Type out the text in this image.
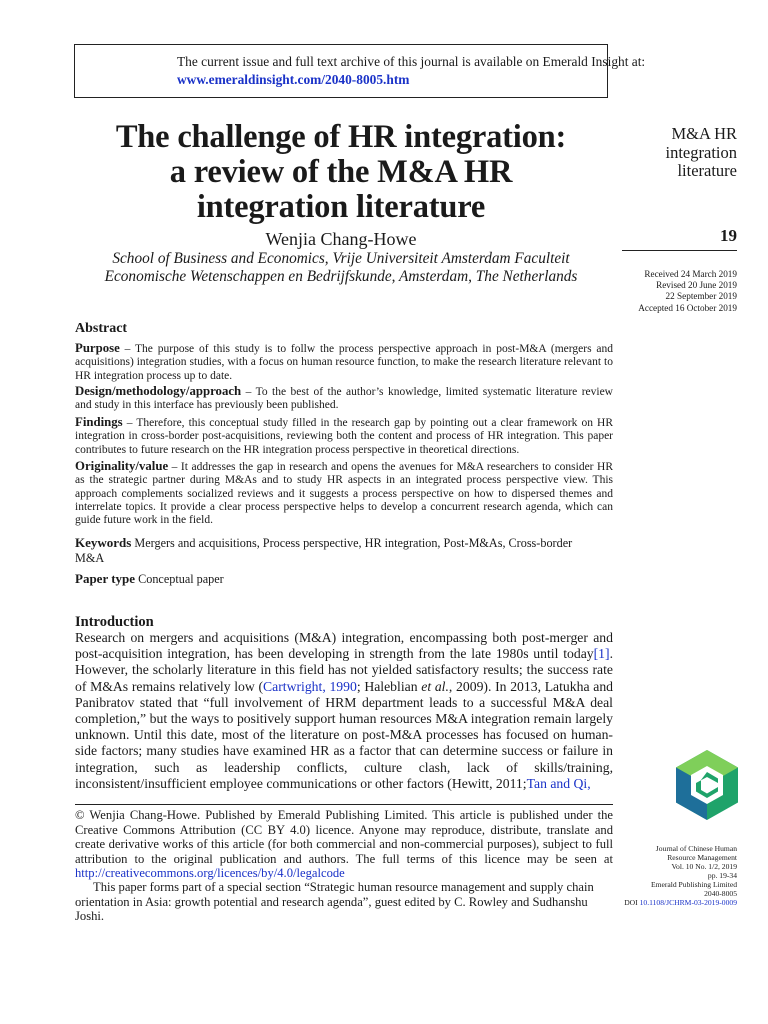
The current issue and full text archive of this journal is available on Emerald Insight at:
www.emeraldinsight.com/2040-8005.htm
The challenge of HR integration:
a review of the M&A HR
integration literature
Wenjia Chang-Howe
School of Business and Economics, Vrije Universiteit Amsterdam Faculteit
Economische Wetenschappen en Bedrijfskunde, Amsterdam, The Netherlands
M&A HR
integration
literature
19
Received 24 March 2019
Revised 20 June 2019
22 September 2019
Accepted 16 October 2019
Abstract
Purpose – The purpose of this study is to follw the process perspective approach in post-M&A (mergers and acquisitions) integration studies, with a focus on human resource function, to make the research literature relevant to HR integration process up to date.
Design/methodology/approach – To the best of the author’s knowledge, limited systematic literature review and study in this interface has previously been published.
Findings – Therefore, this conceptual study filled in the research gap by pointing out a clear framework on HR integration in cross-border post-acquisitions, reviewing both the content and process of HR integration. This paper contributes to future research on the HR integration process perspective in theoretical directions.
Originality/value – It addresses the gap in research and opens the avenues for M&A researchers to consider HR as the strategic partner during M&As and to study HR aspects in an integrated process perspective view. This approach complements socialized reviews and it suggests a process perspective on how to dispersed themes and interrelate topics. It provide a clear process perspective helps to develop a concurrent research agenda, which can guide future work in the field.
Keywords Mergers and acquisitions, Process perspective, HR integration, Post-M&As, Cross-border M&A
Paper type Conceptual paper
Introduction
Research on mergers and acquisitions (M&A) integration, encompassing both post-merger and post-acquisition integration, has been developing in strength from the late 1980s until today[1]. However, the scholarly literature in this field has not yielded satisfactory results; the success rate of M&As remains relatively low (Cartwright, 1990; Haleblian et al., 2009). In 2013, Latukha and Panibratov stated that “full involvement of HRM department leads to a successful M&A deal completion,” but the ways to positively support human resources M&A integration remain largely unknown. Until this date, most of the literature on post-M&A processes has focused on human-side factors; many studies have examined HR as a factor that can determine success or failure in integration, such as leadership conflicts, culture clash, lack of skills/training, inconsistent/insufficient employee communications or other factors (Hewitt, 2011;Tan and Qi,
© Wenjia Chang-Howe. Published by Emerald Publishing Limited. This article is published under the Creative Commons Attribution (CC BY 4.0) licence. Anyone may reproduce, distribute, translate and create derivative works of this article (for both commercial and non-commercial purposes), subject to full attribution to the original publication and authors. The full terms of this licence may be seen at http://creativecommons.org/licences/by/4.0/legalcode
This paper forms part of a special section “Strategic human resource management and supply chain orientation in Asia: growth potential and research agenda”, guest edited by C. Rowley and Sudhanshu Joshi.
Journal of Chinese Human
Resource Management
Vol. 10 No. 1/2, 2019
pp. 19-34
Emerald Publishing Limited
2040-8005
DOI 10.1108/JCHRM-03-2019-0009
